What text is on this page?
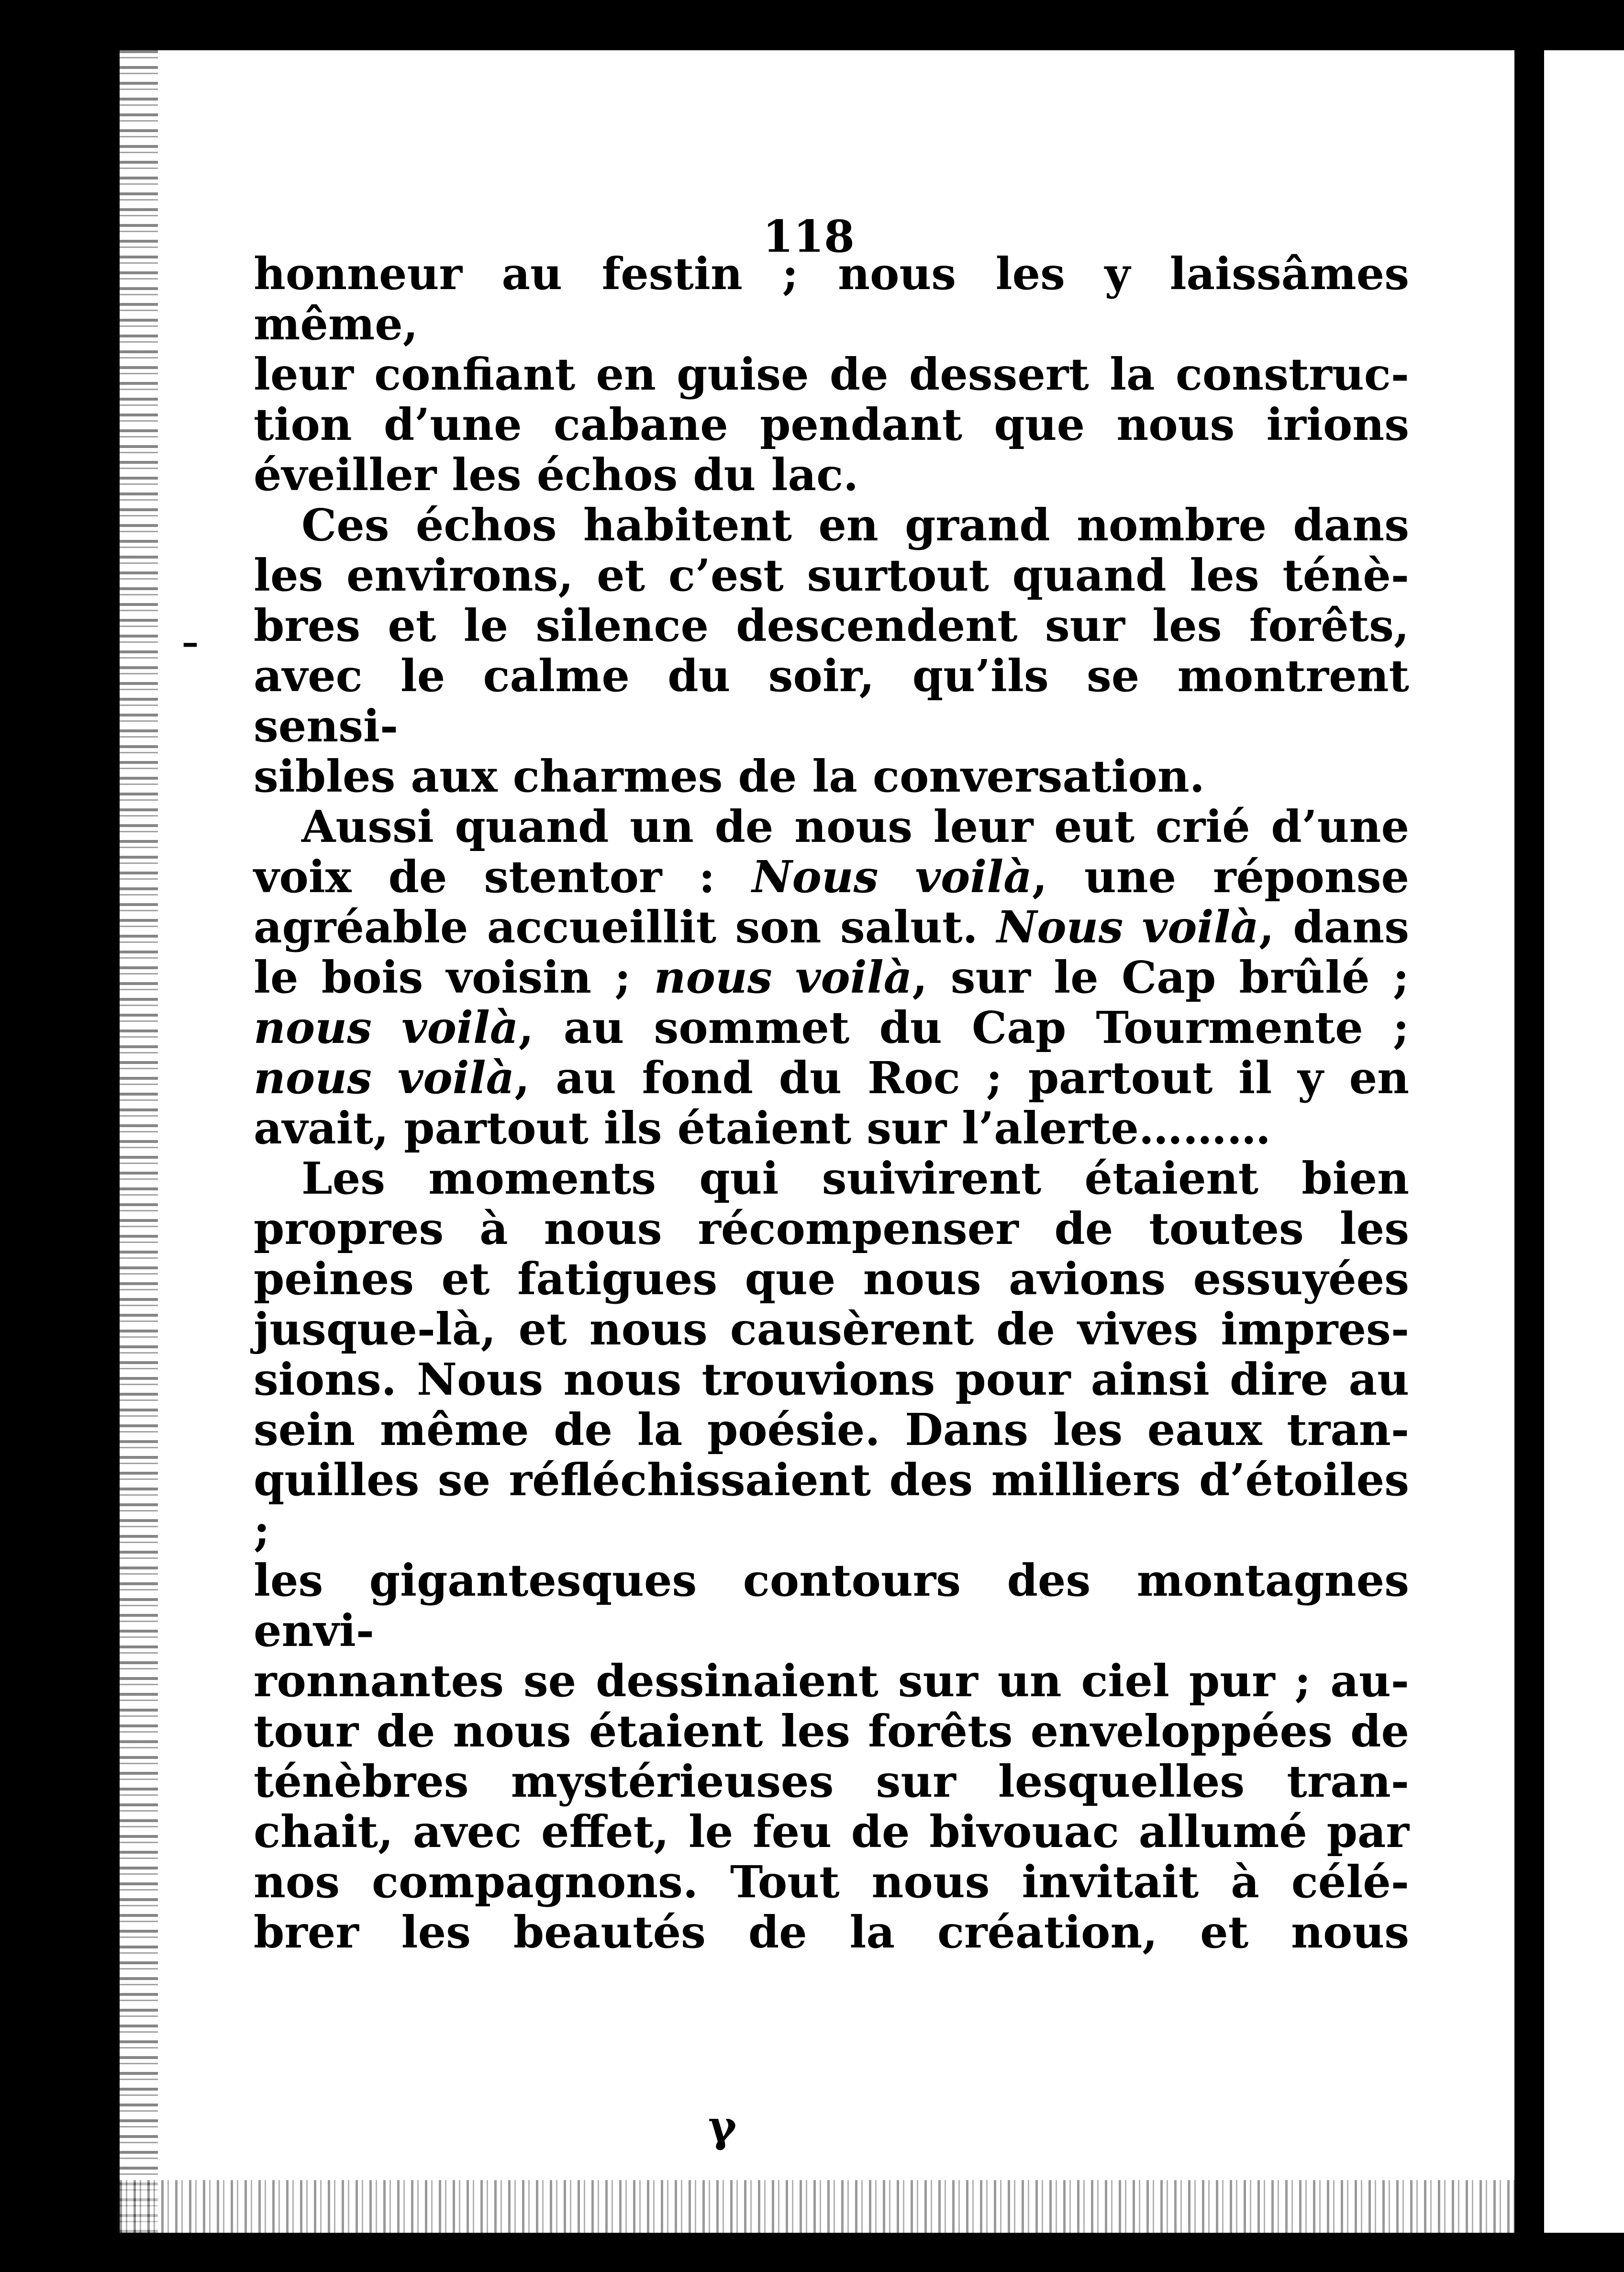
118

honneur au festin ; nous les y laissâmes même,

leur confiant en guise de dessert la construc-

tion d’une cabane pendant que nous irions

éveiller les échos du lac.

Ces échos habitent en grand nombre dans

les environs, et c’est surtout quand les ténè-

bres et le silence descendent sur les forêts,

avec le calme du soir, qu’ils se montrent sensi-

sibles aux charmes de la conversation.

Aussi quand un de nous leur eut crié d’une

voix de stentor : Nous voilà, une réponse

agréable accueillit son salut. Nous voilà, dans

le bois voisin ; nous voilà, sur le Cap brûlé ;

nous voilà, au sommet du Cap Tourmente ;

nous voilà, au fond du Roc ; partout il y en

avait, partout ils étaient sur l’alerte………

Les moments qui suivirent étaient bien

propres à nous récompenser de toutes les

peines et fatigues que nous avions essuyées

jusque-là, et nous causèrent de vives impres-

sions. Nous nous trouvions pour ainsi dire au

sein même de la poésie. Dans les eaux tran-

quilles se réfléchissaient des milliers d’étoiles ;

les gigantesques contours des montagnes envi-

ronnantes se dessinaient sur un ciel pur ; au-

tour de nous étaient les forêts enveloppées de

ténèbres mystérieuses sur lesquelles tran-

chait, avec effet, le feu de bivouac allumé par

nos compagnons. Tout nous invitait à célé-

brer les beautés de la création, et nous

–
γ
